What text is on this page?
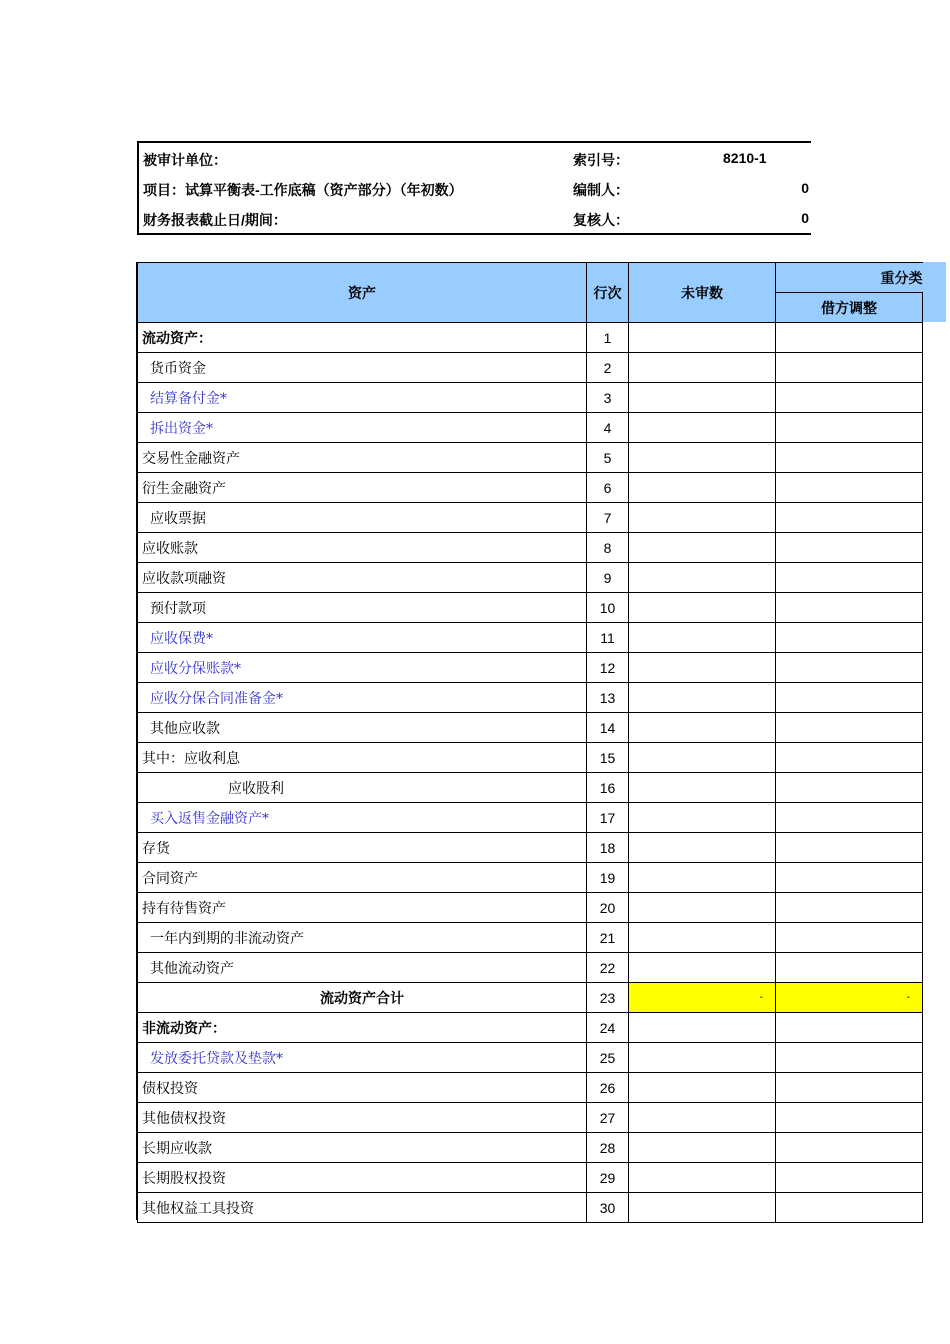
被审计单位：	索引号：	8210-1
项目：试算平衡表-工作底稿（资产部分）（年初数）	编制人：	0
财务报表截止日/期间：	复核人：	0
资产	行次	未审数	重分类
			借方调整
流动资产：	1		
货币资金	2		
结算备付金*	3		
拆出资金*	4		
交易性金融资产	5		
衍生金融资产	6		
应收票据	7		
应收账款	8		
应收款项融资	9		
预付款项	10		
应收保费*	11		
应收分保账款*	12		
应收分保合同准备金*	13		
其他应收款	14		
其中：应收利息	15		
应收股利	16		
买入返售金融资产*	17		
存货	18		
合同资产	19		
持有待售资产	20		
一年内到期的非流动资产	21		
其他流动资产	22		
流动资产合计	23	-	-
非流动资产：	24		
发放委托贷款及垫款*	25		
债权投资	26		
其他债权投资	27		
长期应收款	28		
长期股权投资	29		
其他权益工具投资	30		
